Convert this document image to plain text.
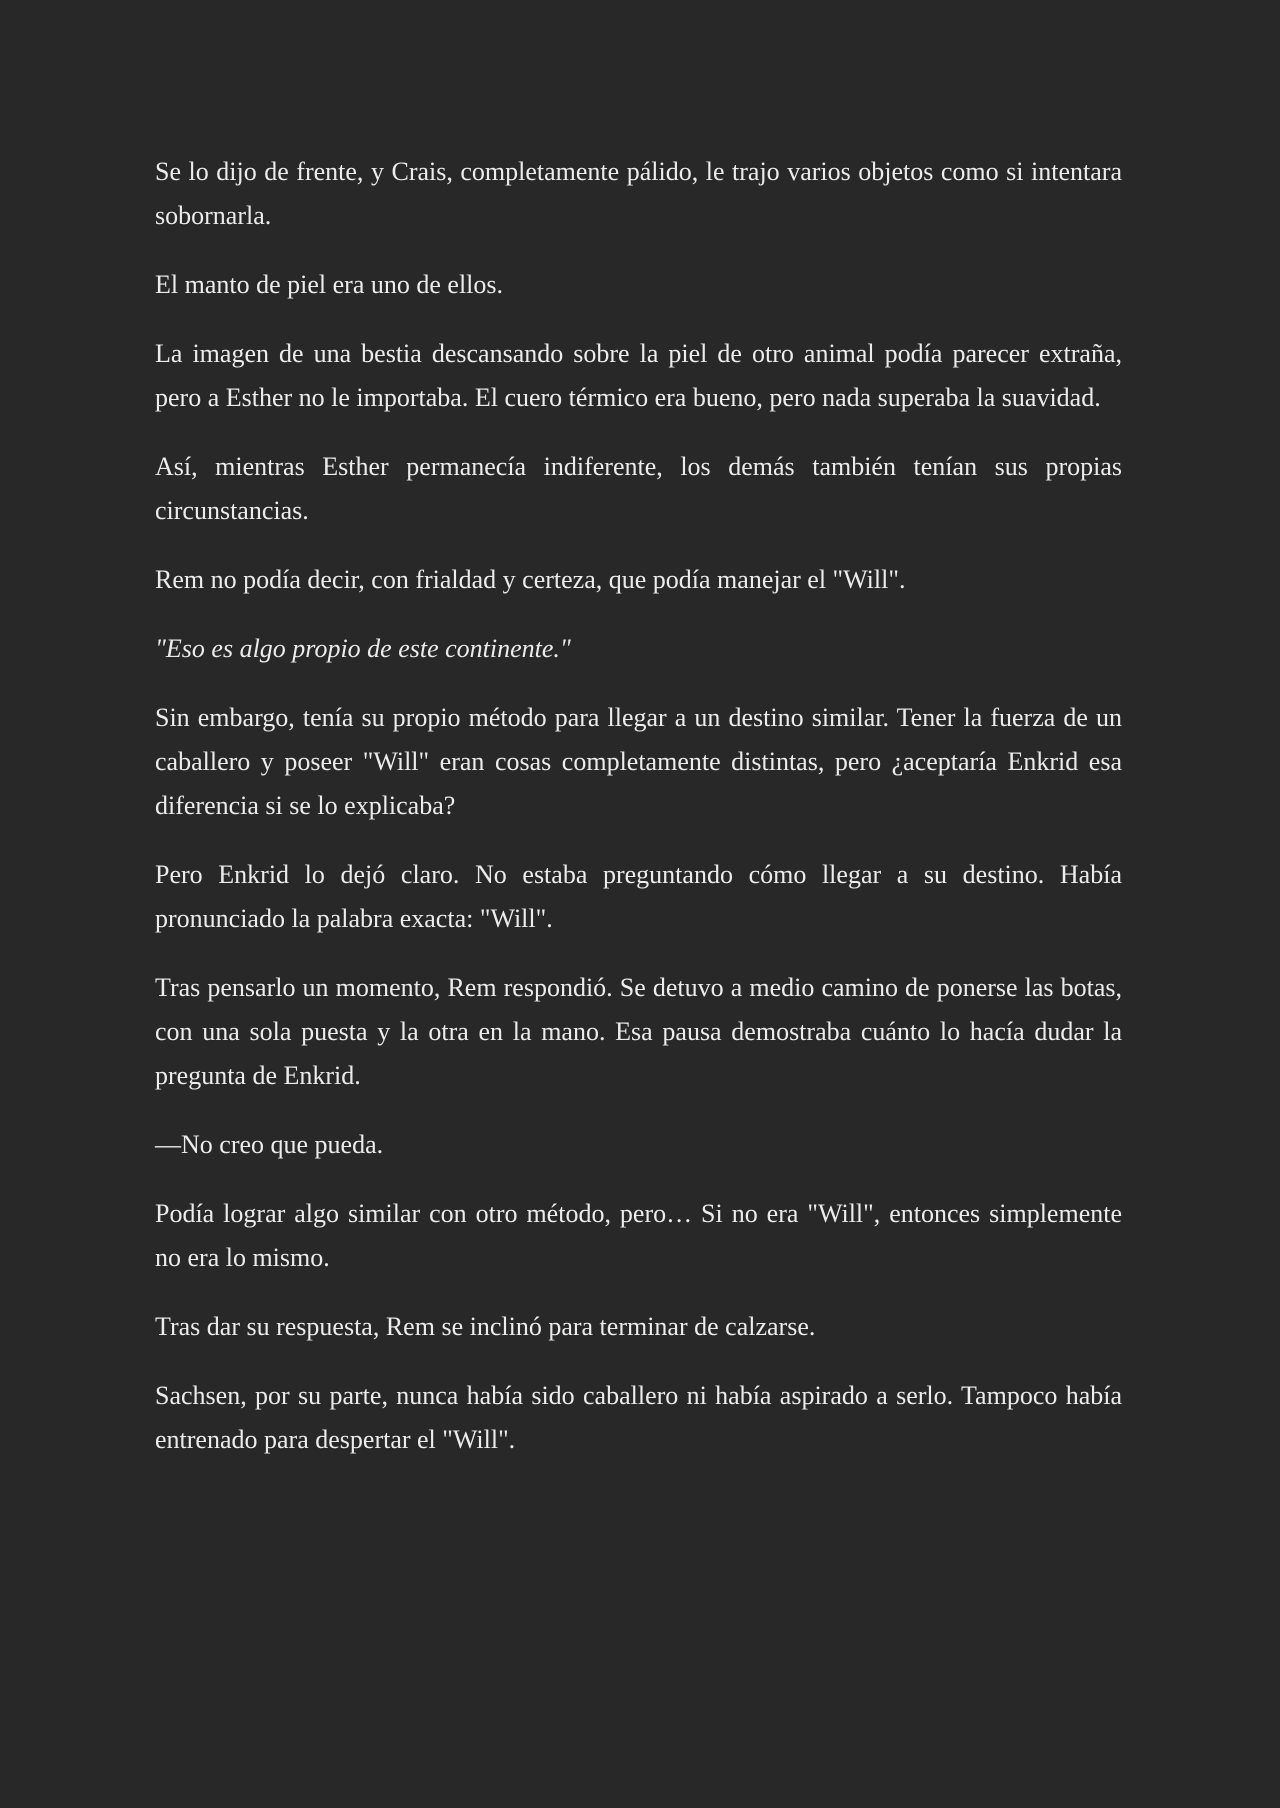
Se lo dijo de frente, y Crais, completamente pálido, le trajo varios objetos como si intentara sobornarla.

El manto de piel era uno de ellos.

La imagen de una bestia descansando sobre la piel de otro animal podía parecer extraña, pero a Esther no le importaba. El cuero térmico era bueno, pero nada superaba la suavidad.

Así, mientras Esther permanecía indiferente, los demás también tenían sus propias circunstancias.

Rem no podía decir, con frialdad y certeza, que podía manejar el "Will".

"Eso es algo propio de este continente."

Sin embargo, tenía su propio método para llegar a un destino similar. Tener la fuerza de un caballero y poseer "Will" eran cosas completamente distintas, pero ¿aceptaría Enkrid esa diferencia si se lo explicaba?

Pero Enkrid lo dejó claro. No estaba preguntando cómo llegar a su destino. Había pronunciado la palabra exacta: "Will".

Tras pensarlo un momento, Rem respondió. Se detuvo a medio camino de ponerse las botas, con una sola puesta y la otra en la mano. Esa pausa demostraba cuánto lo hacía dudar la pregunta de Enkrid.

—No creo que pueda.

Podía lograr algo similar con otro método, pero… Si no era "Will", entonces simplemente no era lo mismo.

Tras dar su respuesta, Rem se inclinó para terminar de calzarse.

Sachsen, por su parte, nunca había sido caballero ni había aspirado a serlo. Tampoco había entrenado para despertar el "Will".
